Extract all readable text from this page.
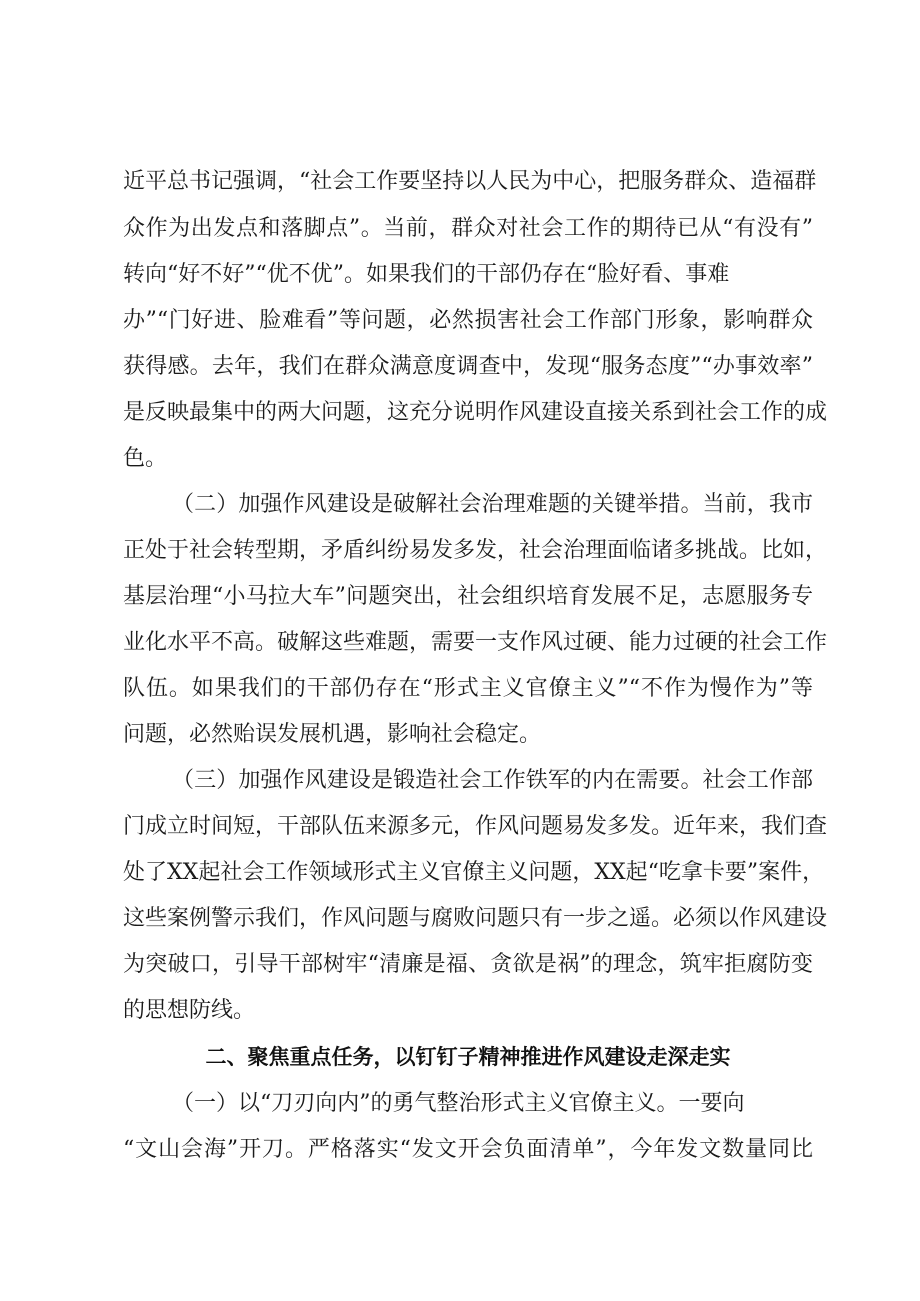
近平总书记强调，“社会工作要坚持以人民为中心，把服务群众、造福群
众作为出发点和落脚点”。当前，群众对社会工作的期待已从“有没有”
转向“好不好”“优不优”。如果我们的干部仍存在“脸好看、事难
办”“门好进、脸难看”等问题，必然损害社会工作部门形象，影响群众
获得感。去年，我们在群众满意度调查中，发现“服务态度”“办事效率”
是反映最集中的两大问题，这充分说明作风建设直接关系到社会工作的成
色。
（二）加强作风建设是破解社会治理难题的关键举措。当前，我市
正处于社会转型期，矛盾纠纷易发多发，社会治理面临诸多挑战。比如，
基层治理“小马拉大车”问题突出，社会组织培育发展不足，志愿服务专
业化水平不高。破解这些难题，需要一支作风过硬、能力过硬的社会工作
队伍。如果我们的干部仍存在“形式主义官僚主义”“不作为慢作为”等
问题，必然贻误发展机遇，影响社会稳定。
（三）加强作风建设是锻造社会工作铁军的内在需要。社会工作部
门成立时间短，干部队伍来源多元，作风问题易发多发。近年来，我们查
处了XX起社会工作领域形式主义官僚主义问题，XX起“吃拿卡要”案件，
这些案例警示我们，作风问题与腐败问题只有一步之遥。必须以作风建设
为突破口，引导干部树牢“清廉是福、贪欲是祸”的理念，筑牢拒腐防变
的思想防线。
二、聚焦重点任务，以钉钉子精神推进作风建设走深走实
（一）以“刀刃向内”的勇气整治形式主义官僚主义。一要向
“文山会海”开刀。严格落实“发文开会负面清单”，今年发文数量同比
